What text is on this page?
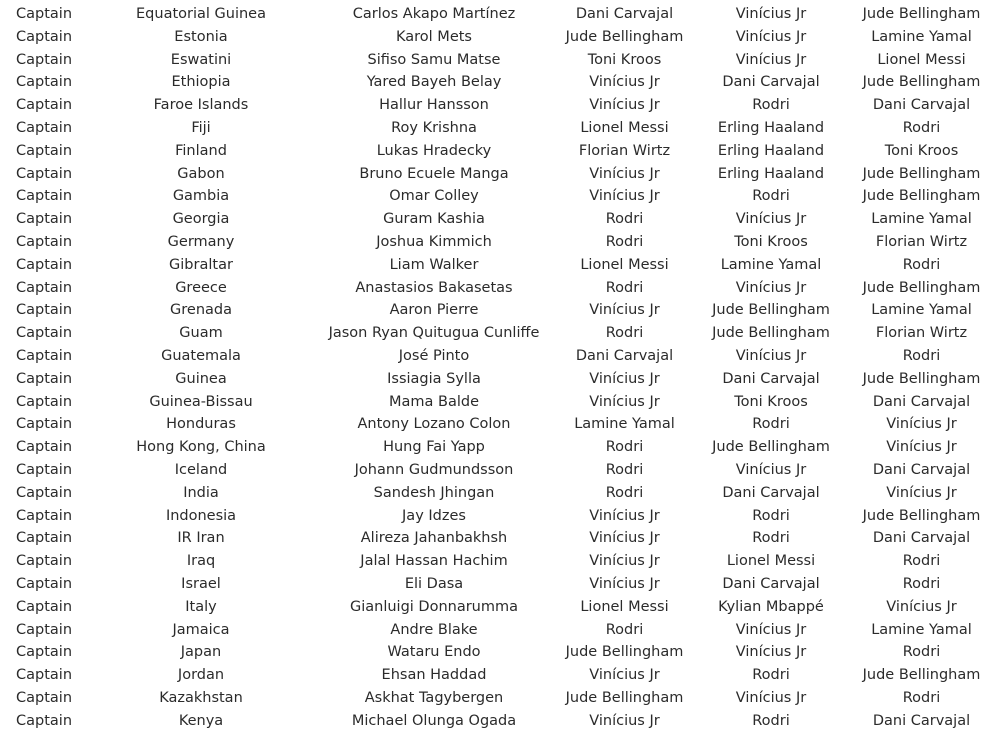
Captain	Equatorial Guinea	Carlos Akapo Martínez	Dani Carvajal	Vinícius Jr	Jude Bellingham
Captain	Estonia	Karol Mets	Jude Bellingham	Vinícius Jr	Lamine Yamal
Captain	Eswatini	Sifiso Samu Matse	Toni Kroos	Vinícius Jr	Lionel Messi
Captain	Ethiopia	Yared Bayeh Belay	Vinícius Jr	Dani Carvajal	Jude Bellingham
Captain	Faroe Islands	Hallur Hansson	Vinícius Jr	Rodri	Dani Carvajal
Captain	Fiji	Roy Krishna	Lionel Messi	Erling Haaland	Rodri
Captain	Finland	Lukas Hradecky	Florian Wirtz	Erling Haaland	Toni Kroos
Captain	Gabon	Bruno Ecuele Manga	Vinícius Jr	Erling Haaland	Jude Bellingham
Captain	Gambia	Omar Colley	Vinícius Jr	Rodri	Jude Bellingham
Captain	Georgia	Guram Kashia	Rodri	Vinícius Jr	Lamine Yamal
Captain	Germany	Joshua Kimmich	Rodri	Toni Kroos	Florian Wirtz
Captain	Gibraltar	Liam Walker	Lionel Messi	Lamine Yamal	Rodri
Captain	Greece	Anastasios Bakasetas	Rodri	Vinícius Jr	Jude Bellingham
Captain	Grenada	Aaron Pierre	Vinícius Jr	Jude Bellingham	Lamine Yamal
Captain	Guam	Jason Ryan Quitugua Cunliffe	Rodri	Jude Bellingham	Florian Wirtz
Captain	Guatemala	José Pinto	Dani Carvajal	Vinícius Jr	Rodri
Captain	Guinea	Issiagia Sylla	Vinícius Jr	Dani Carvajal	Jude Bellingham
Captain	Guinea-Bissau	Mama Balde	Vinícius Jr	Toni Kroos	Dani Carvajal
Captain	Honduras	Antony Lozano Colon	Lamine Yamal	Rodri	Vinícius Jr
Captain	Hong Kong, China	Hung Fai Yapp	Rodri	Jude Bellingham	Vinícius Jr
Captain	Iceland	Johann Gudmundsson	Rodri	Vinícius Jr	Dani Carvajal
Captain	India	Sandesh Jhingan	Rodri	Dani Carvajal	Vinícius Jr
Captain	Indonesia	Jay Idzes	Vinícius Jr	Rodri	Jude Bellingham
Captain	IR Iran	Alireza Jahanbakhsh	Vinícius Jr	Rodri	Dani Carvajal
Captain	Iraq	Jalal Hassan Hachim	Vinícius Jr	Lionel Messi	Rodri
Captain	Israel	Eli Dasa	Vinícius Jr	Dani Carvajal	Rodri
Captain	Italy	Gianluigi Donnarumma	Lionel Messi	Kylian Mbappé	Vinícius Jr
Captain	Jamaica	Andre Blake	Rodri	Vinícius Jr	Lamine Yamal
Captain	Japan	Wataru Endo	Jude Bellingham	Vinícius Jr	Rodri
Captain	Jordan	Ehsan Haddad	Vinícius Jr	Rodri	Jude Bellingham
Captain	Kazakhstan	Askhat Tagybergen	Jude Bellingham	Vinícius Jr	Rodri
Captain	Kenya	Michael Olunga Ogada	Vinícius Jr	Rodri	Dani Carvajal
